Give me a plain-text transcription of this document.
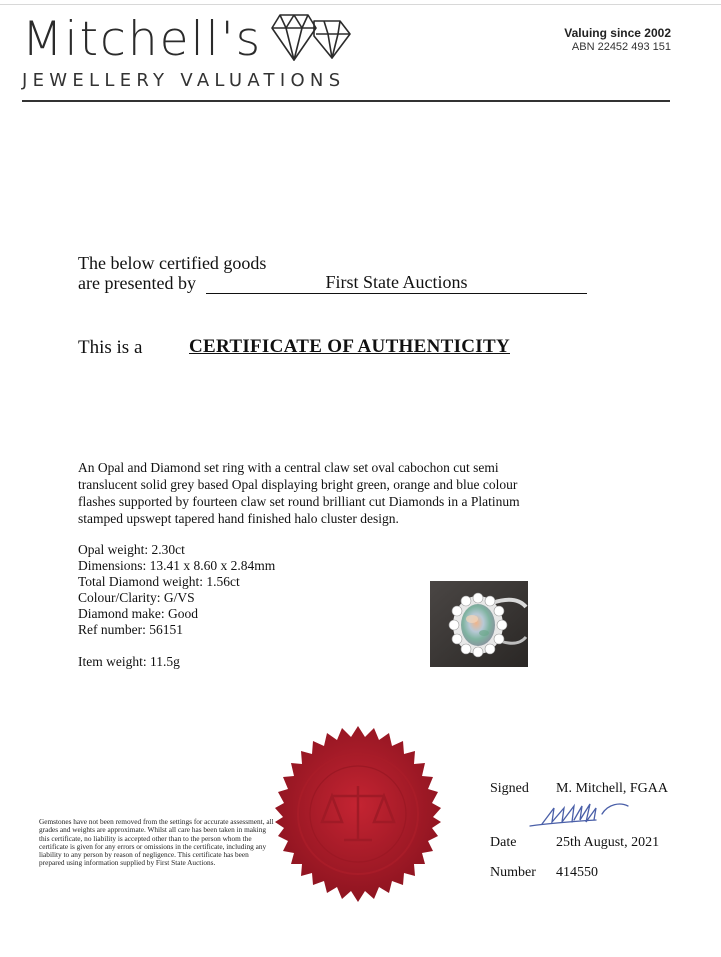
Mitchell's
JEWELLERY VALUATIONS
Valuing since 2002
ABN 22452 493 151
The below certified goods
are presented by	First State Auctions
This is a CERTIFICATE OF AUTHENTICITY
An Opal and Diamond set ring with a central claw set oval cabochon cut semi translucent solid grey based Opal displaying bright green, orange and blue colour flashes supported by fourteen claw set round brilliant cut Diamonds in a Platinum stamped upswept tapered hand finished halo cluster design.
Opal weight: 2.30ct
Dimensions: 13.41 x 8.60 x 2.84mm
Total Diamond weight: 1.56ct
Colour/Clarity: G/VS
Diamond make: Good
Ref number: 56151
Item weight: 11.5g
Gemstones have not been removed from the settings for accurate assessment, all grades and weights are approximate. Whilst all care has been taken in making this certificate, no liability is accepted other than to the person whom the certificate is given for any errors or omissions in the certificate, including any liability to any person by reason of negligence. This certificate has been prepared using information supplied by First State Auctions.
Signed M. Mitchell, FGAA
Date	25th August, 2021
Number 414550
